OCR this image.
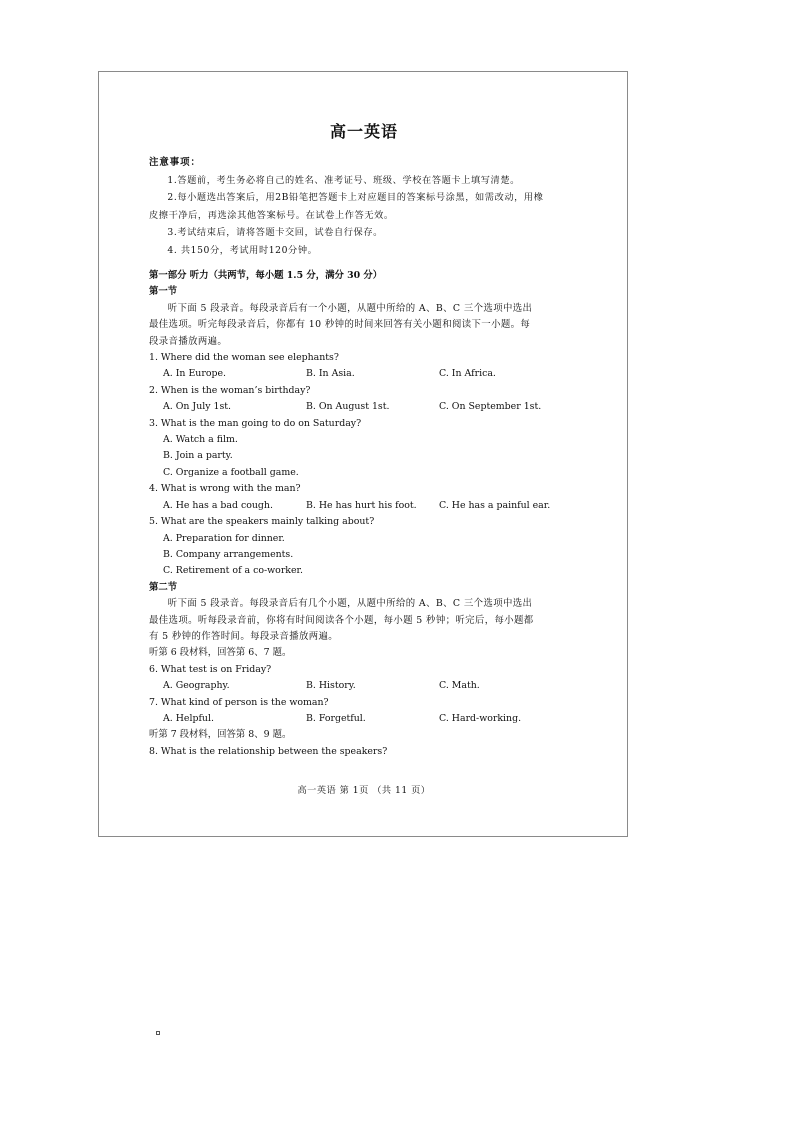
高一英语
注意事项：

1.答题前，考生务必将自己的姓名、准考证号、班级、学校在答题卡上填写清楚。

2.每小题选出答案后，用2B铅笔把答题卡上对应题目的答案标号涂黑，如需改动，用橡

皮擦干净后，再选涂其他答案标号。在试卷上作答无效。

3.考试结束后，请将答题卡交回，试卷自行保存。

4. 共150分，考试用时120分钟。

第一部分 听力（共两节，每小题 1.5 分，满分 30 分）

第一节

听下面 5 段录音。每段录音后有一个小题，从题中所给的 A、B、C 三个选项中选出

最佳选项。听完每段录音后，你都有 10 秒钟的时间来回答有关小题和阅读下一小题。每

段录音播放两遍。

1. Where did the woman see elephants?

A. In Europe.	B. In Asia.	C. In Africa.

2. When is the woman’s birthday?

A. On July 1st.	B. On August 1st.	C. On September 1st.

3. What is the man going to do on Saturday?

A. Watch a film.

B. Join a party.

C. Organize a football game.

4. What is wrong with the man?

A. He has a bad cough.	B. He has hurt his foot.	C. He has a painful ear.

5. What are the speakers mainly talking about?

A. Preparation for dinner.

B. Company arrangements.

C. Retirement of a co-worker.

第二节

听下面 5 段录音。每段录音后有几个小题，从题中所给的 A、B、C 三个选项中选出

最佳选项。听每段录音前，你将有时间阅读各个小题，每小题 5 秒钟；听完后，每小题都

有 5 秒钟的作答时间。每段录音播放两遍。

听第 6 段材料，回答第 6、7 题。

6. What test is on Friday?

A. Geography.	B. History.	C. Math.

7. What kind of person is the woman?

A. Helpful.	B. Forgetful.	C. Hard-working.

听第 7 段材料，回答第 8、9 题。

8. What is the relationship between the speakers?

高一英语 第 1页 （共 11 页）
